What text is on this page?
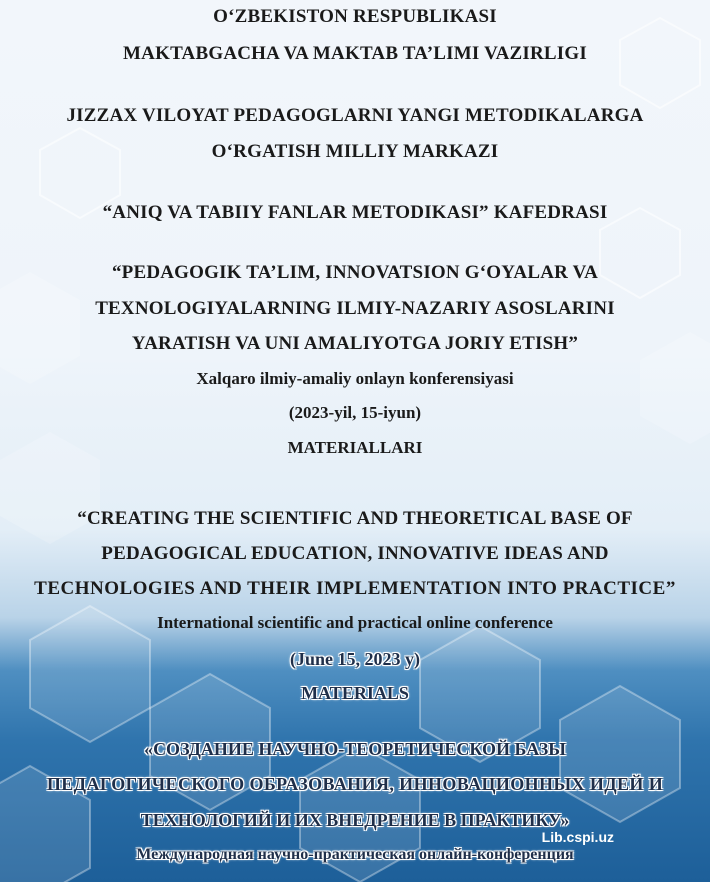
O‘ZBEKISTON RESPUBLIKASI
MAKTABGACHA VA MAKTAB TA’LIMI VAZIRLIGI
JIZZAX VILOYAT PEDAGOGLARNI YANGI METODIKALARGA
O‘RGATISH MILLIY MARKAZI
“ANIQ VA TABIIY FANLAR METODIKASI” KAFEDRASI
“PEDAGOGIK TA’LIM, INNOVATSION G‘OYALAR VA
TEXNOLOGIYALARNING ILMIY-NAZARIY ASOSLARINI
YARATISH VA UNI AMALIYOTGA JORIY ETISH”
Xalqaro ilmiy-amaliy onlayn konferensiyasi
(2023-yil, 15-iyun)
MATERIALLARI
“CREATING THE SCIENTIFIC AND THEORETICAL BASE OF
PEDAGOGICAL EDUCATION, INNOVATIVE IDEAS AND
TECHNOLOGIES AND THEIR IMPLEMENTATION INTO PRACTICE”
International scientific and practical online conference
(June 15, 2023 y)
MATERIALS
«СОЗДАНИЕ НАУЧНО-ТЕОРЕТИЧЕСКОЙ БАЗЫ
ПЕДАГОГИЧЕСКОГО ОБРАЗОВАНИЯ, ИННОВАЦИОННЫХ ИДЕЙ И
ТЕХНОЛОГИЙ И ИХ ВНЕДРЕНИЕ В ПРАКТИКУ»
Международная научно-практическая онлайн-конференция
Lib.cspi.uz
